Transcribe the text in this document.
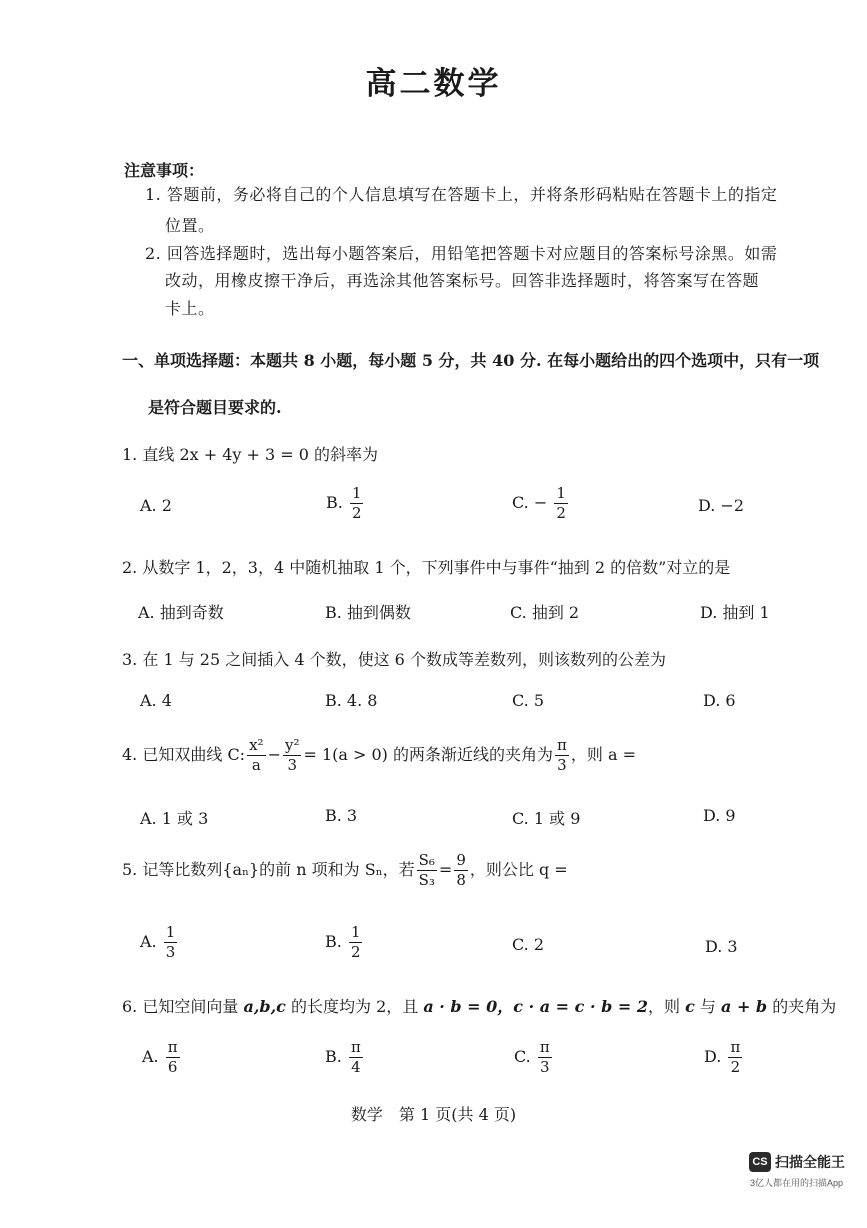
高二数学
注意事项：
1. 答题前，务必将自己的个人信息填写在答题卡上，并将条形码粘贴在答题卡上的指定
位置。
2. 回答选择题时，选出每小题答案后，用铅笔把答题卡对应题目的答案标号涂黑。如需
改动，用橡皮擦干净后，再选涂其他答案标号。回答非选择题时，将答案写在答题
卡上。
一、单项选择题：本题共 8 小题，每小题 5 分，共 40 分. 在每小题给出的四个选项中，只有一项
是符合题目要求的.
1. 直线 2x + 4y + 3 = 0 的斜率为
A. 2	B. $\frac{1}{2}$	C. − $\frac{1}{2}$	D. −2
2. 从数字 1，2，3，4 中随机抽取 1 个，下列事件中与事件“抽到 2 的倍数”对立的是
A. 抽到奇数	B. 抽到偶数	C. 抽到 2	D. 抽到 1
3. 在 1 与 25 之间插入 4 个数，使这 6 个数成等差数列，则该数列的公差为
A. 4	B. 4. 8	C. 5	D. 6
4. 已知双曲线 C: $\frac{\text{x²}}{a} - \frac{\text{y²}}{3} = 1(a > 0)$ 的两条渐近线的夹角为 $\frac{\pi}{3}$ ，则 a =
A. 1 或 3	B. 3	C. 1 或 9	D. 9
5. 记等比数列{aₙ}的前 n 项和为 Sₙ，若 $\frac{\text{S₆}}{\text{S₃}} = \frac{9}{8}$ ，则公比 q =
A. $\frac{1}{3}$	B. $\frac{1}{2}$	C. 2	D. 3
6. 已知空间向量 a,b,c 的长度均为 2，且 a · b = 0，c · a = c · b = 2，则 c 与 a + b 的夹角为
A. $\frac{\pi}{6}$	B. $\frac{\pi}{4}$	C. $\frac{\pi}{3}$	D. $\frac{\pi}{2}$
数学　第 1 页(共 4 页)
CS 扫描全能王
3亿人都在用的扫描App
